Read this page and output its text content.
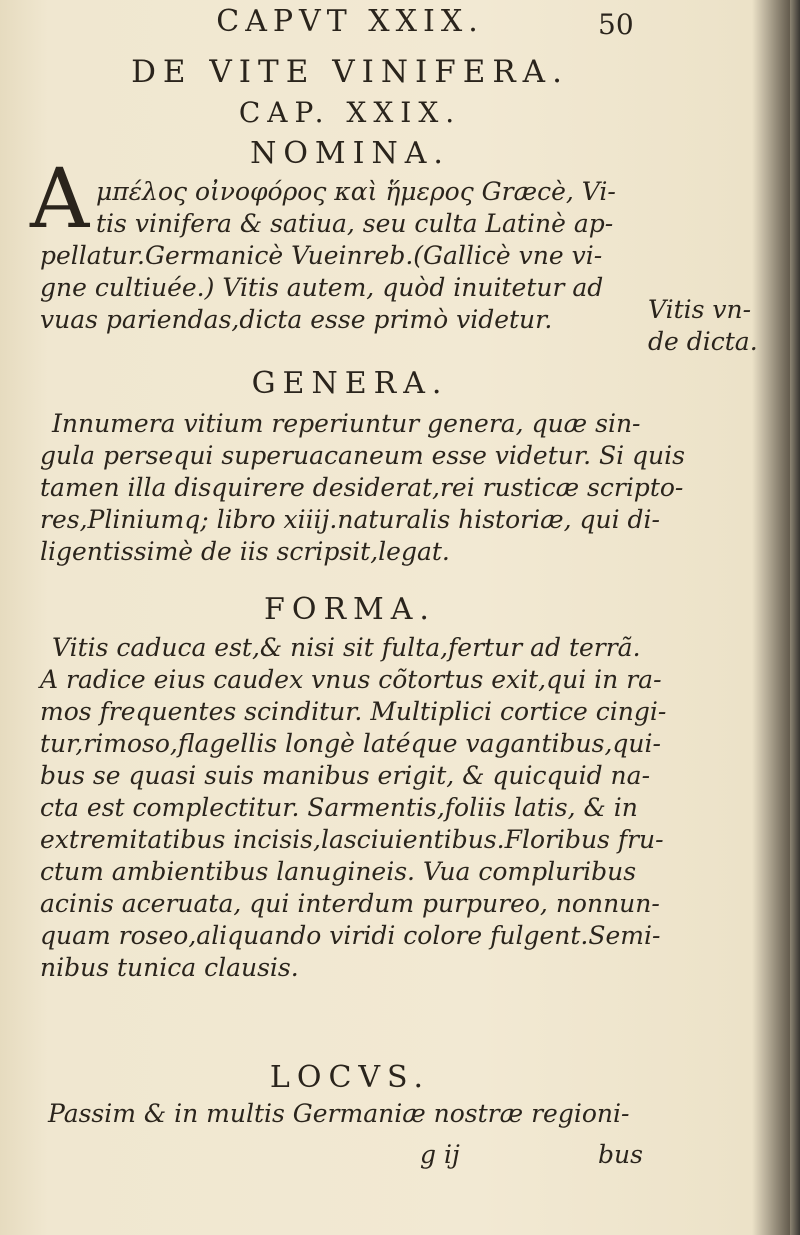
CAPVT XXIX.	50
DE VITE VINIFERA.
CAP. XXIX.
NOMINA.
A μπέλος οἰνοφόρος καὶ ἥμερος Græcè, Vi-
tis vinifera & satiua, seu culta Latinè ap-
pellatur.Germanicè Vueinreb.(Gallicè vne vi-
gne cultiuée.) Vitis autem, quòd inuitetur ad
vuas pariendas,dicta esse primò videtur.	Vitis vn-
de dicta.
GENERA.
Innumera vitium reperiuntur genera, quæ sin-
gula persequi superuacaneum esse videtur. Si quis
tamen illa disquirere desiderat,rei rusticæ scripto-
res,Pliniumq; libro xiiij.naturalis historiæ, qui di-
ligentissimè de iis scripsit,legat.
FORMA.
Vitis caduca est,& nisi sit fulta,fertur ad terrã.
A radice eius caudex vnus cõtortus exit,qui in ra-
mos frequentes scinditur. Multiplici cortice cingi-
tur,rimoso,flagellis longè latéque vagantibus,qui-
bus se quasi suis manibus erigit, & quicquid na-
cta est complectitur. Sarmentis,foliis latis, & in
extremitatibus incisis,lasciuientibus.Floribus fru-
ctum ambientibus lanugineis. Vua compluribus
acinis aceruata, qui interdum purpureo, nonnun-
quam roseo,aliquando viridi colore fulgent.Semi-
nibus tunica clausis.
LOCVS.
Passim & in multis Germaniæ nostræ regioni-
g ij	bus
